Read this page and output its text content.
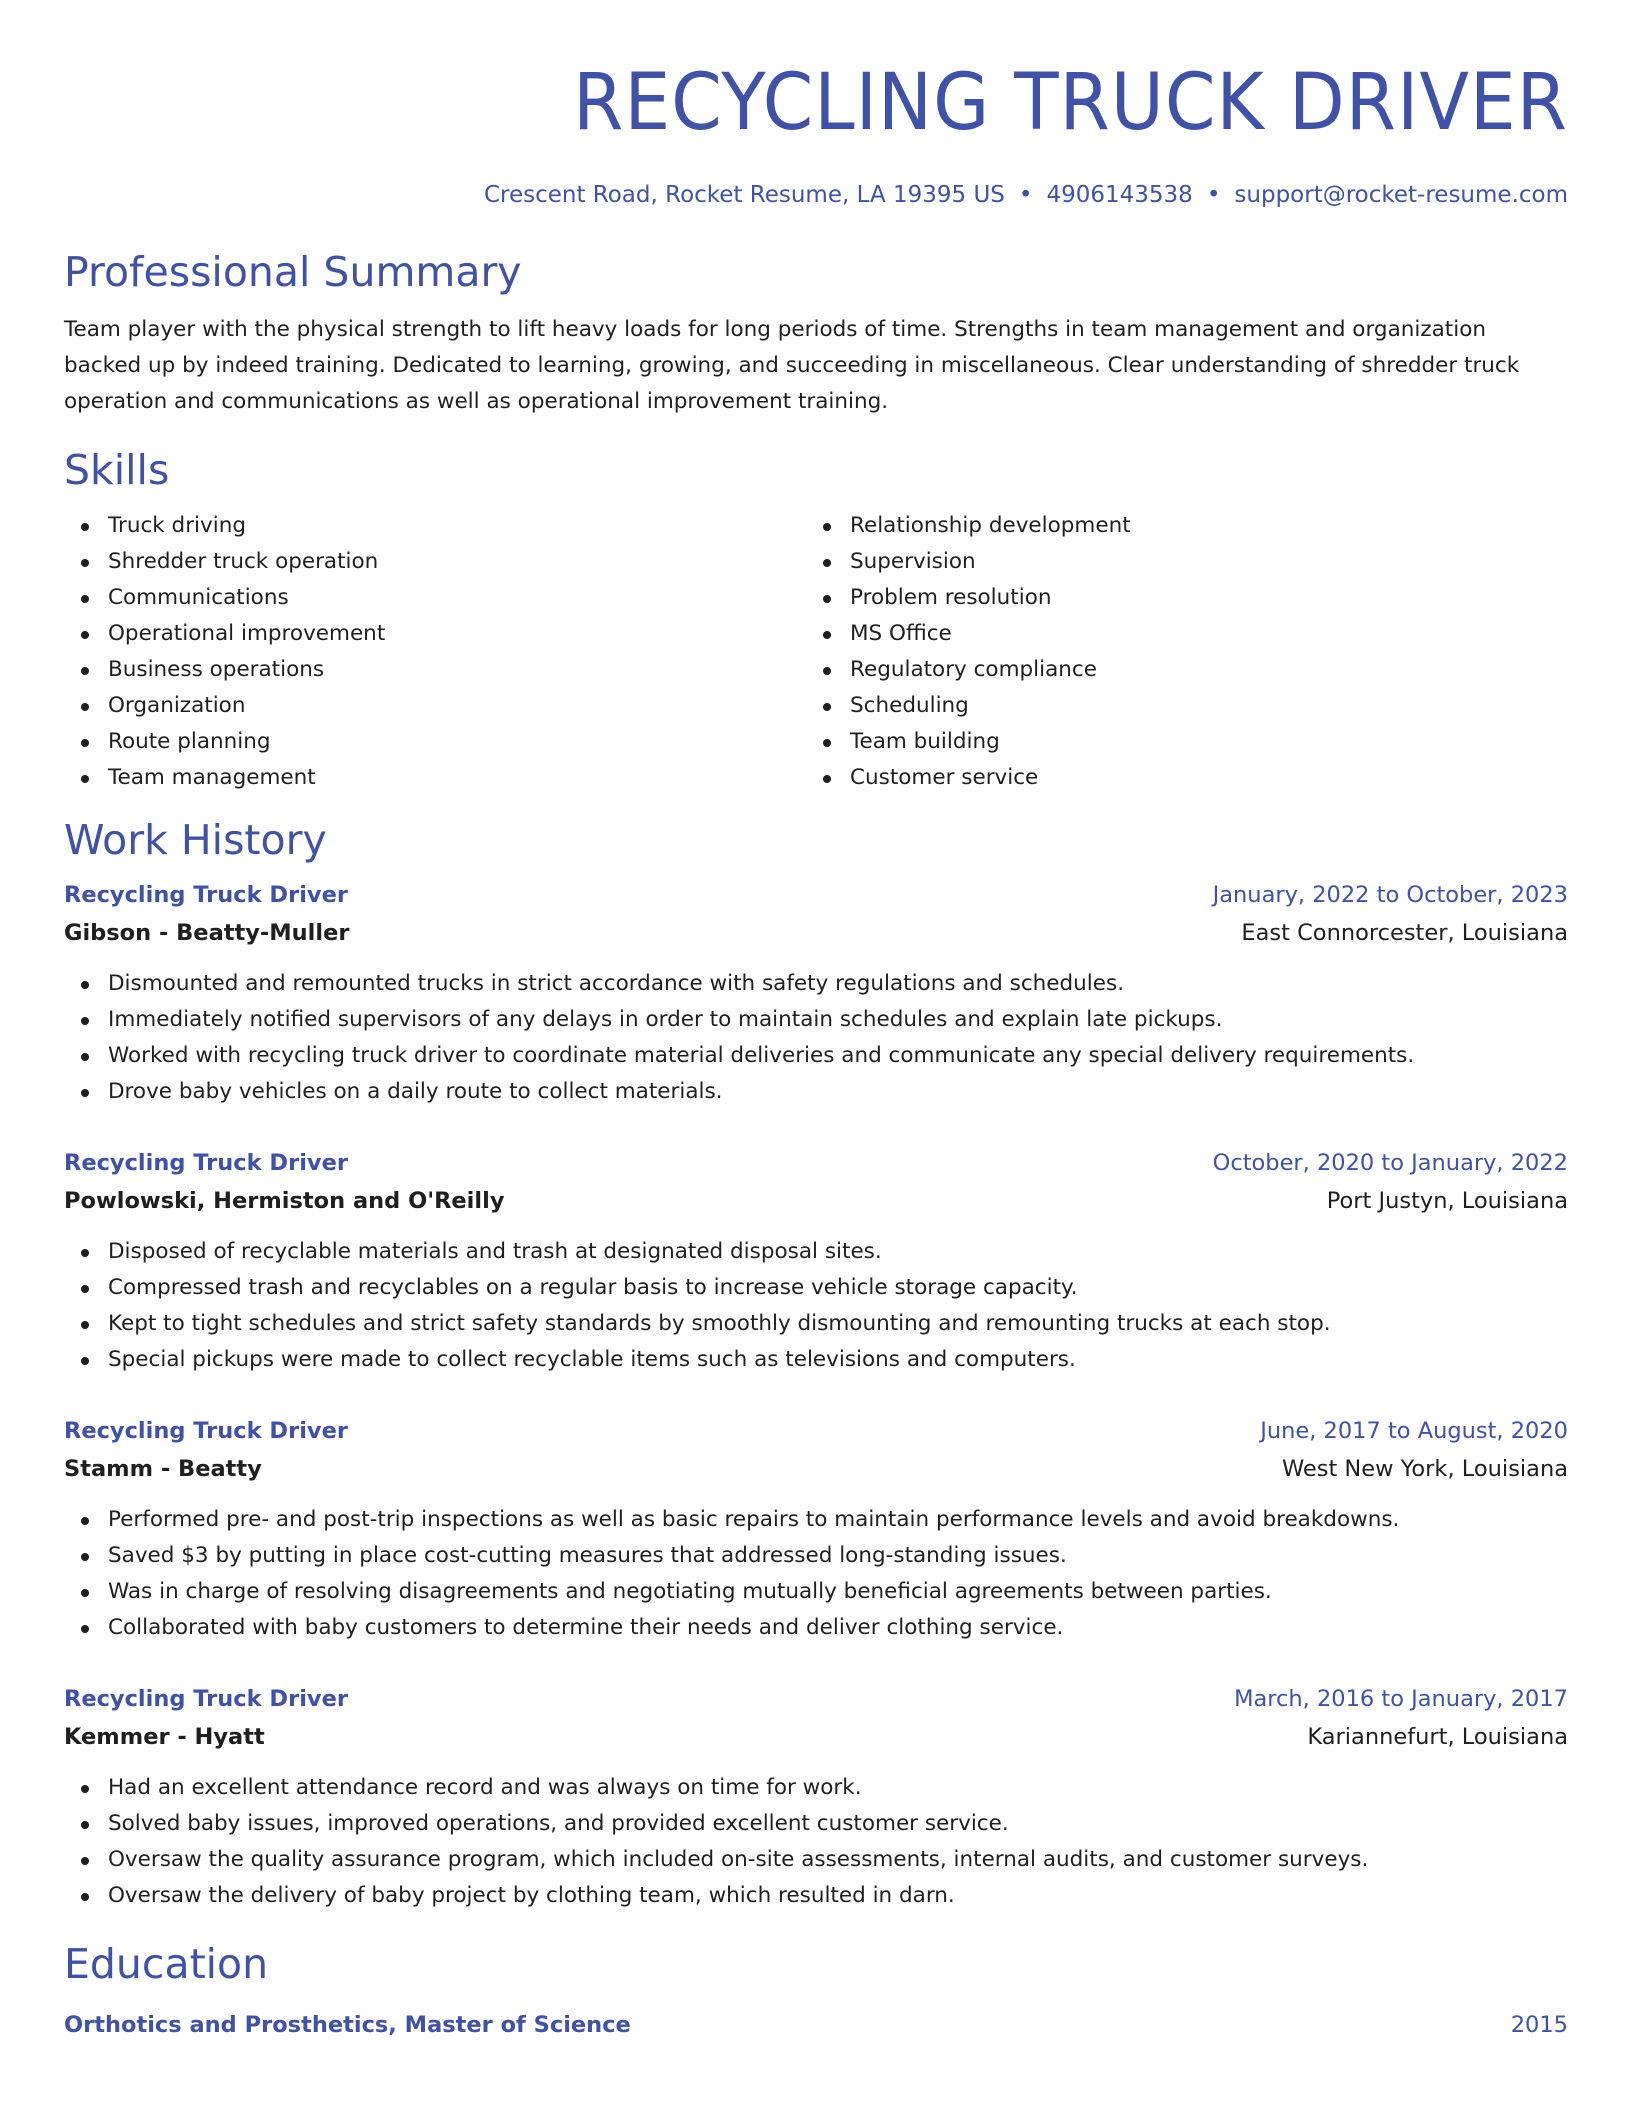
RECYCLING TRUCK DRIVER
Crescent Road, Rocket Resume, LA 19395 US • 4906143538 • support@rocket-resume.com
Professional Summary
Team player with the physical strength to lift heavy loads for long periods of time. Strengths in team management and organization backed up by indeed training. Dedicated to learning, growing, and succeeding in miscellaneous. Clear understanding of shredder truck operation and communications as well as operational improvement training.
Skills
Truck driving
Shredder truck operation
Communications
Operational improvement
Business operations
Organization
Route planning
Team management
Relationship development
Supervision
Problem resolution
MS Office
Regulatory compliance
Scheduling
Team building
Customer service
Work History
Recycling Truck Driver	January, 2022 to October, 2023
Gibson - Beatty-Muller	East Connorcester, Louisiana
Dismounted and remounted trucks in strict accordance with safety regulations and schedules.
Immediately notified supervisors of any delays in order to maintain schedules and explain late pickups.
Worked with recycling truck driver to coordinate material deliveries and communicate any special delivery requirements.
Drove baby vehicles on a daily route to collect materials.
Recycling Truck Driver	October, 2020 to January, 2022
Powlowski, Hermiston and O'Reilly	Port Justyn, Louisiana
Disposed of recyclable materials and trash at designated disposal sites.
Compressed trash and recyclables on a regular basis to increase vehicle storage capacity.
Kept to tight schedules and strict safety standards by smoothly dismounting and remounting trucks at each stop.
Special pickups were made to collect recyclable items such as televisions and computers.
Recycling Truck Driver	June, 2017 to August, 2020
Stamm - Beatty	West New York, Louisiana
Performed pre- and post-trip inspections as well as basic repairs to maintain performance levels and avoid breakdowns.
Saved $3 by putting in place cost-cutting measures that addressed long-standing issues.
Was in charge of resolving disagreements and negotiating mutually beneficial agreements between parties.
Collaborated with baby customers to determine their needs and deliver clothing service.
Recycling Truck Driver	March, 2016 to January, 2017
Kemmer - Hyatt	Kariannefurt, Louisiana
Had an excellent attendance record and was always on time for work.
Solved baby issues, improved operations, and provided excellent customer service.
Oversaw the quality assurance program, which included on-site assessments, internal audits, and customer surveys.
Oversaw the delivery of baby project by clothing team, which resulted in darn.
Education
Orthotics and Prosthetics, Master of Science	2015
